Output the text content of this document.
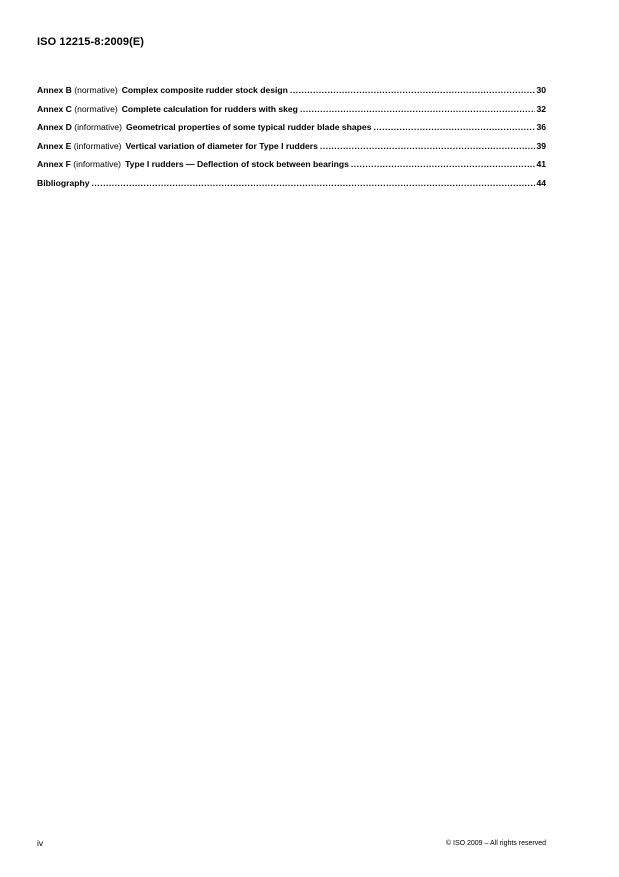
ISO 12215-8:2009(E)
Annex B (normative) Complex composite rudder stock design .....	30
Annex C (normative) Complete calculation for rudders with skeg .....	32
Annex D (informative) Geometrical properties of some typical rudder blade shapes .....	36
Annex E (informative) Vertical variation of diameter for Type I rudders .....	39
Annex F (informative) Type I rudders — Deflection of stock between bearings .....	41
Bibliography .....	44
iv	© ISO 2009 – All rights reserved
